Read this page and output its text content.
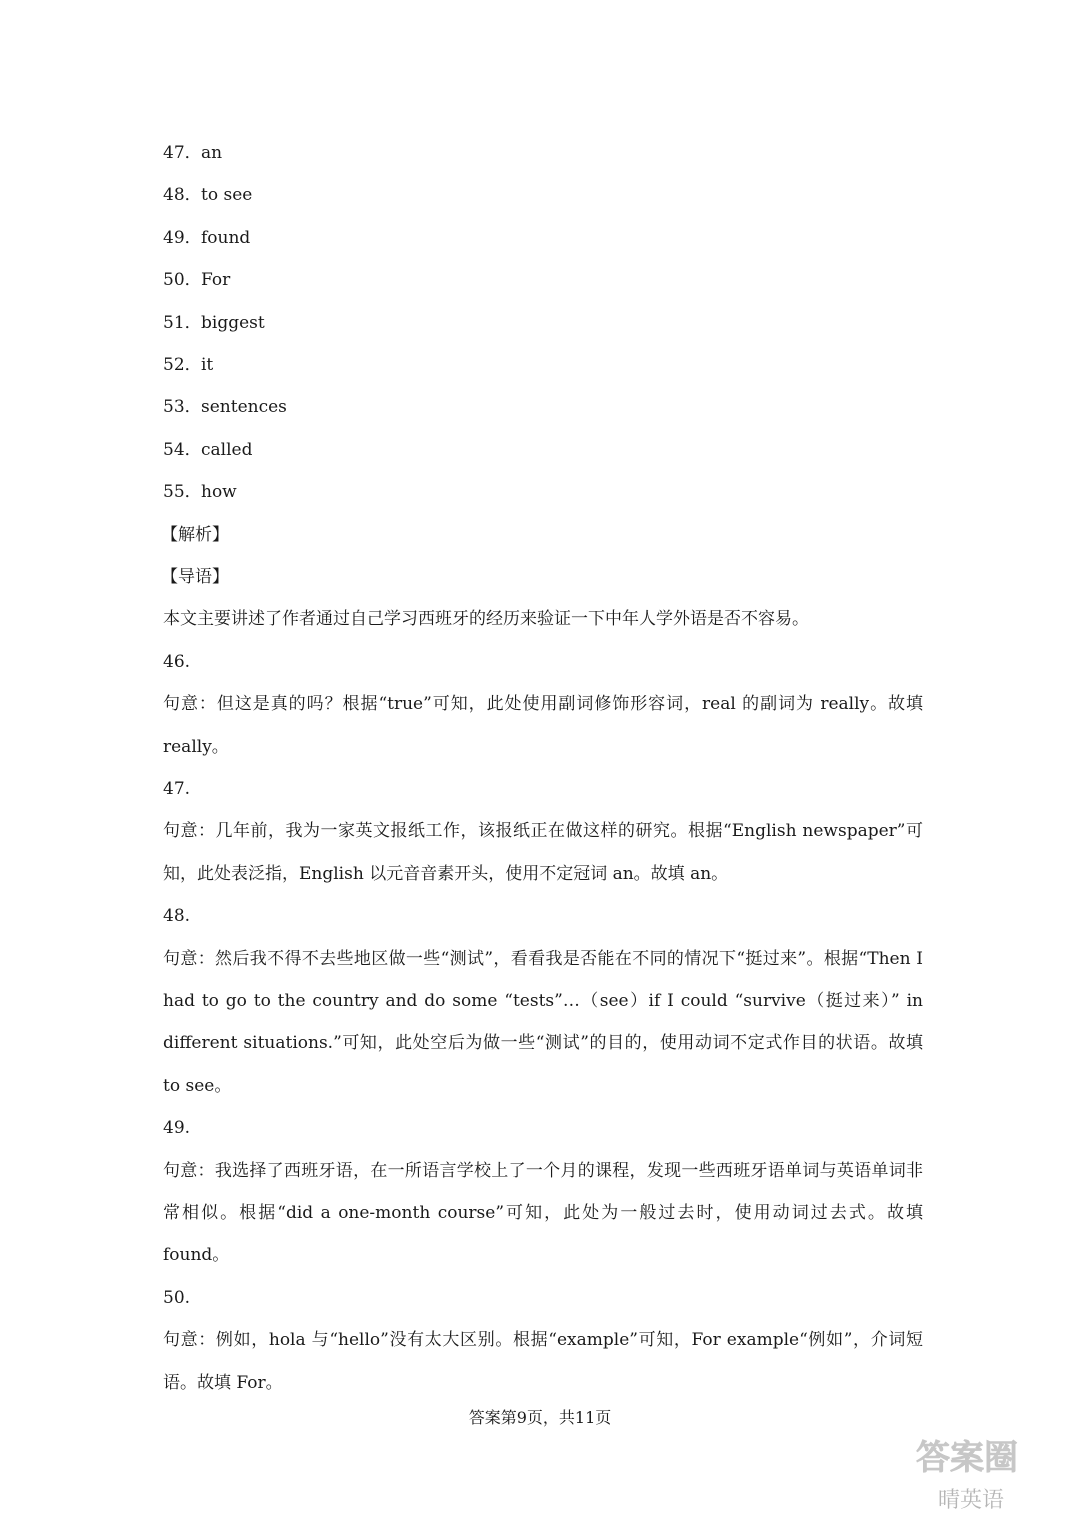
47．an
48．to see
49．found
50．For
51．biggest
52．it
53．sentences
54．called
55．how
【解析】
【导语】

本文主要讲述了作者通过自己学习西班牙的经历来验证一下中年人学外语是否不容易。

46.

句意：但这是真的吗？根据“true”可知，此处使用副词修饰形容词，real 的副词为 really。故填 really。

47.

句意：几年前，我为一家英文报纸工作，该报纸正在做这样的研究。根据“English newspaper”可知，此处表泛指，English 以元音音素开头，使用不定冠词 an。故填 an。

48.

句意：然后我不得不去些地区做一些“测试”，看看我是否能在不同的情况下“挺过来”。根据“Then I had to go to the country and do some “tests”…（see）if I could “survive（挺过来）” in different situations.”可知，此处空后为做一些“测试”的目的，使用动词不定式作目的状语。故填 to see。

49.

句意：我选择了西班牙语，在一所语言学校上了一个月的课程，发现一些西班牙语单词与英语单词非常相似。根据“did a one-month course”可知，此处为一般过去时，使用动词过去式。故填 found。

50.

句意：例如，hola 与“hello”没有太大区别。根据“example”可知，For example“例如”，介词短语。故填 For。

答案第9页，共11页
答案圈
晴英语
